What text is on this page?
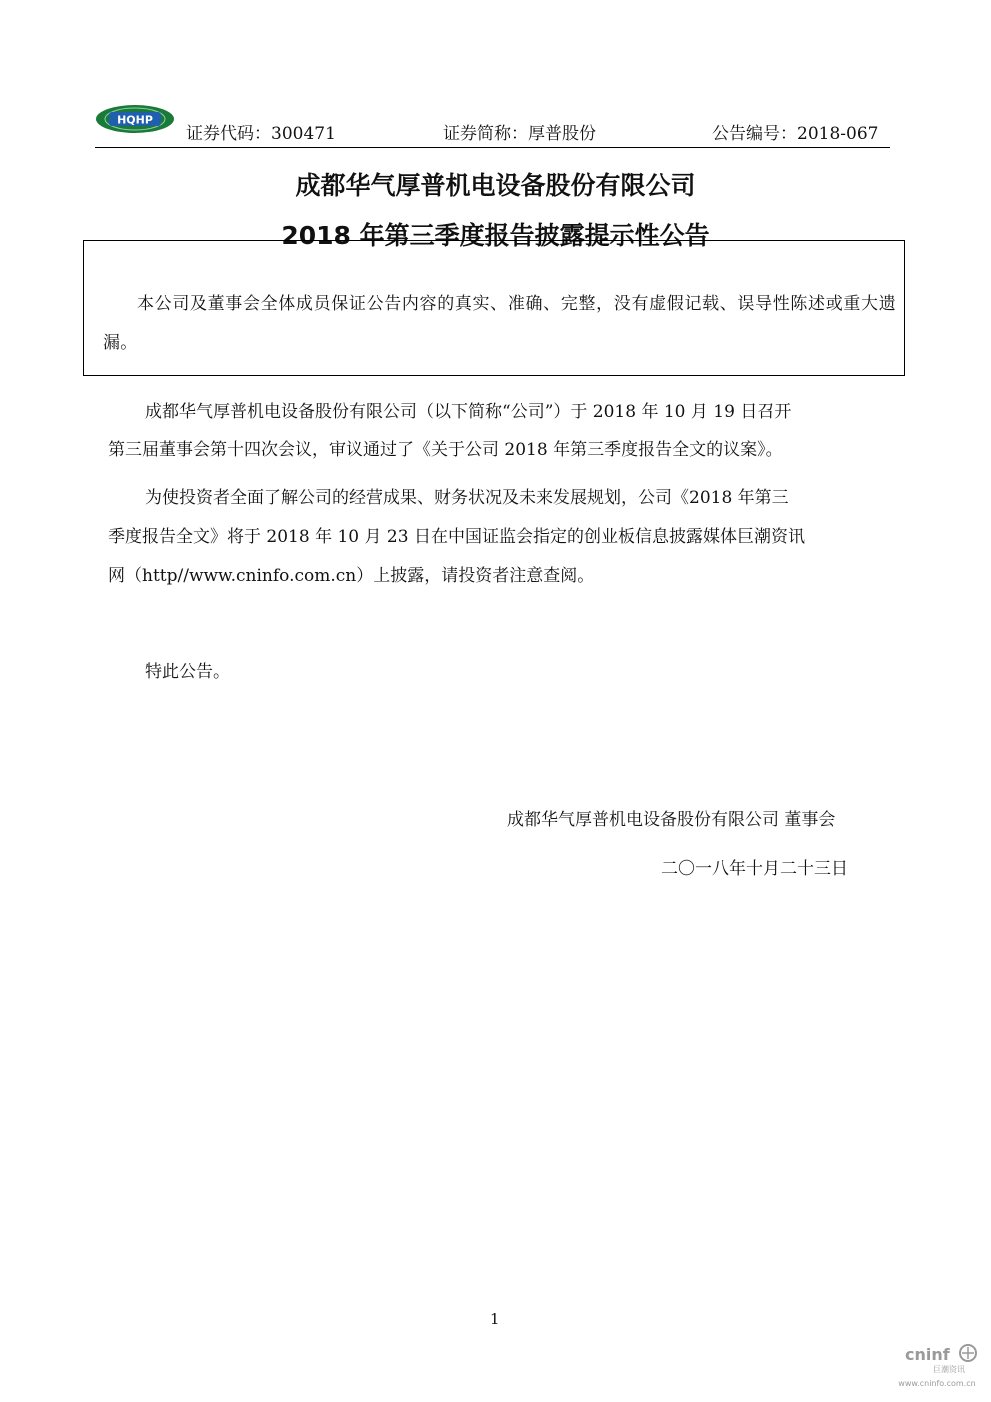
HQHP
证券代码：300471	证券简称：厚普股份	公告编号：2018-067
成都华气厚普机电设备股份有限公司
2018 年第三季度报告披露提示性公告
本公司及董事会全体成员保证公告内容的真实、准确、完整，没有虚假记载、误导性陈述或重大遗漏。
成都华气厚普机电设备股份有限公司（以下简称“公司”）于 2018 年 10 月 19 日召开
第三届董事会第十四次会议，审议通过了《关于公司 2018 年第三季度报告全文的议案》。
为使投资者全面了解公司的经营成果、财务状况及未来发展规划，公司《2018 年第三
季度报告全文》将于 2018 年 10 月 23 日在中国证监会指定的创业板信息披露媒体巨潮资讯
网（http//www.cninfo.com.cn）上披露，请投资者注意查阅。
特此公告。
成都华气厚普机电设备股份有限公司 董事会
二〇一八年十月二十三日
1
cninf
巨潮资讯
www.cninfo.com.cn
